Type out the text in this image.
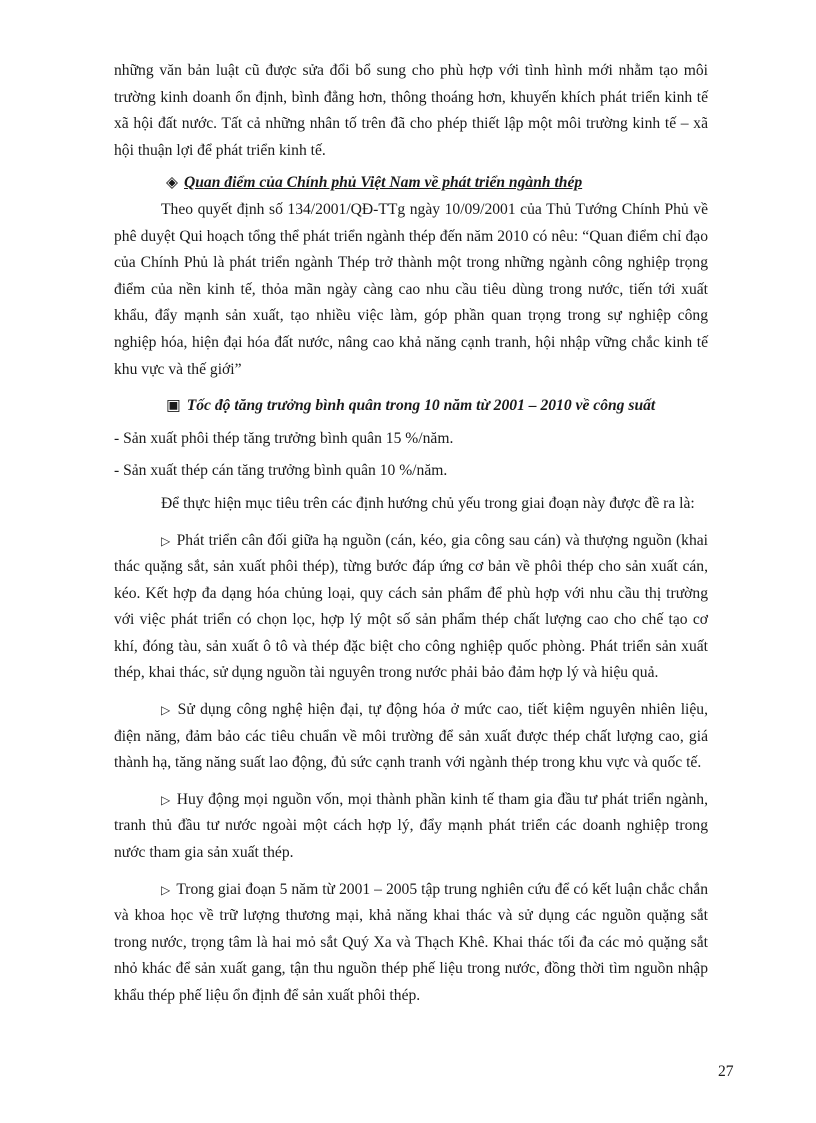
những văn bản luật cũ được sửa đổi bổ sung cho phù hợp với tình hình mới nhằm tạo môi trường kinh doanh ổn định, bình đẳng hơn, thông thoáng hơn, khuyến khích phát triển kinh tế xã hội đất nước. Tất cả những nhân tố trên đã cho phép thiết lập một môi trường kinh tế – xã hội thuận lợi để phát triển kinh tế.

◈ Quan điểm của Chính phủ Việt Nam về phát triển ngành thép

Theo quyết định số 134/2001/QĐ-TTg ngày 10/09/2001 của Thủ Tướng Chính Phủ về phê duyệt Qui hoạch tổng thể phát triển ngành thép đến năm 2010 có nêu: “Quan điểm chỉ đạo của Chính Phủ là phát triển ngành Thép trở thành một trong những ngành công nghiệp trọng điểm của nền kinh tế, thỏa mãn ngày càng cao nhu cầu tiêu dùng trong nước, tiến tới xuất khẩu, đẩy mạnh sản xuất, tạo nhiều việc làm, góp phần quan trọng trong sự nghiệp công nghiệp hóa, hiện đại hóa đất nước, nâng cao khả năng cạnh tranh, hội nhập vững chắc kinh tế khu vực và thế giới”

▣ Tốc độ tăng trưởng bình quân trong 10 năm từ 2001 – 2010 về công suất

- Sản xuất phôi thép tăng trưởng bình quân 15 %/năm.

- Sản xuất thép cán tăng trưởng bình quân 10 %/năm.

Để thực hiện mục tiêu trên các định hướng chủ yếu trong giai đoạn này được đề ra là:

▷ Phát triển cân đối giữa hạ nguồn (cán, kéo, gia công sau cán) và thượng nguồn (khai thác quặng sắt, sản xuất phôi thép), từng bước đáp ứng cơ bản về phôi thép cho sản xuất cán, kéo. Kết hợp đa dạng hóa chủng loại, quy cách sản phẩm để phù hợp với nhu cầu thị trường với việc phát triển có chọn lọc, hợp lý một số sản phẩm thép chất lượng cao cho chế tạo cơ khí, đóng tàu, sản xuất ô tô và thép đặc biệt cho công nghiệp quốc phòng. Phát triển sản xuất thép, khai thác, sử dụng nguồn tài nguyên trong nước phải bảo đảm hợp lý và hiệu quả.

▷ Sử dụng công nghệ hiện đại, tự động hóa ở mức cao, tiết kiệm nguyên nhiên liệu, điện năng, đảm bảo các tiêu chuẩn về môi trường để sản xuất được thép chất lượng cao, giá thành hạ, tăng năng suất lao động, đủ sức cạnh tranh với ngành thép trong khu vực và quốc tế.

▷ Huy động mọi nguồn vốn, mọi thành phần kinh tế tham gia đầu tư phát triển ngành, tranh thủ đầu tư nước ngoài một cách hợp lý, đẩy mạnh phát triển các doanh nghiệp trong nước tham gia sản xuất thép.

▷ Trong giai đoạn 5 năm từ 2001 – 2005 tập trung nghiên cứu để có kết luận chắc chắn và khoa học về trữ lượng thương mại, khả năng khai thác và sử dụng các nguồn quặng sắt trong nước, trọng tâm là hai mỏ sắt Quý Xa và Thạch Khê. Khai thác tối đa các mỏ quặng sắt nhỏ khác để sản xuất gang, tận thu nguồn thép phế liệu trong nước, đồng thời tìm nguồn nhập khẩu thép phế liệu ổn định để sản xuất phôi thép.

27
